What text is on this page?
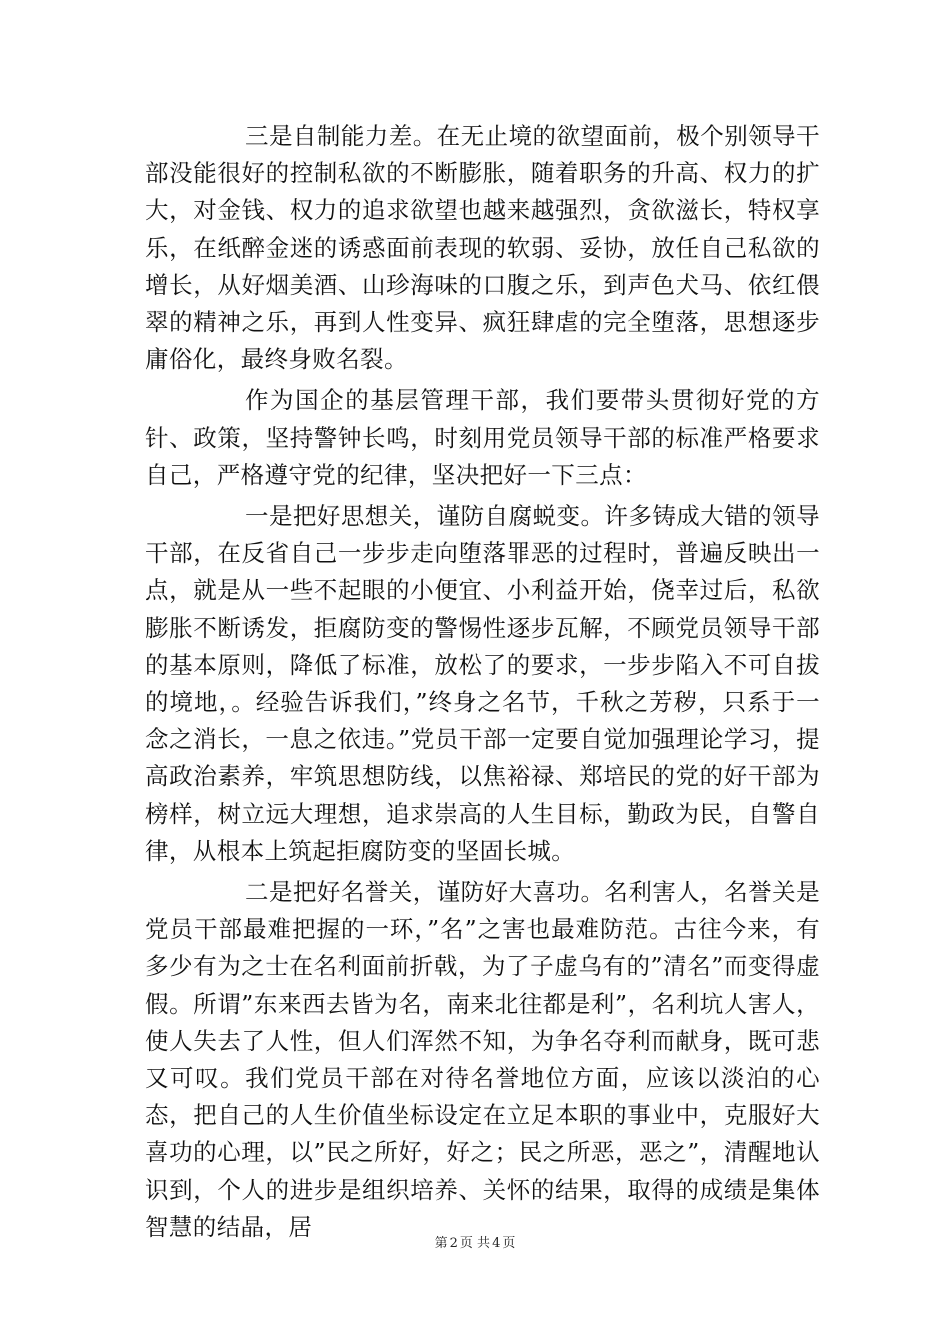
三是自制能力差。在无止境的欲望面前，极个别领导干部没能很好的控制私欲的不断膨胀，随着职务的升高、权力的扩大，对金钱、权力的追求欲望也越来越强烈，贪欲滋长，特权享乐，在纸醉金迷的诱惑面前表现的软弱、妥协，放任自己私欲的增长，从好烟美酒、山珍海味的口腹之乐，到声色犬马、依红偎翠的精神之乐，再到人性变异、疯狂肆虐的完全堕落，思想逐步庸俗化，最终身败名裂。

作为国企的基层管理干部，我们要带头贯彻好党的方针、政策，坚持警钟长鸣，时刻用党员领导干部的标准严格要求自己，严格遵守党的纪律，坚决把好一下三点：

一是把好思想关，谨防自腐蜕变。许多铸成大错的领导干部，在反省自己一步步走向堕落罪恶的过程时，普遍反映出一点，就是从一些不起眼的小便宜、小利益开始，侥幸过后，私欲膨胀不断诱发，拒腐防变的警惕性逐步瓦解，不顾党员领导干部的基本原则，降低了标准，放松了的要求，一步步陷入不可自拔的境地，。经验告诉我们，”终身之名节，千秋之芳秽，只系于一念之消长，一息之依违。”党员干部一定要自觉加强理论学习，提高政治素养，牢筑思想防线，以焦裕禄、郑培民的党的好干部为榜样，树立远大理想，追求崇高的人生目标，勤政为民，自警自律，从根本上筑起拒腐防变的坚固长城。

二是把好名誉关，谨防好大喜功。名利害人，名誉关是党员干部最难把握的一环，”名”之害也最难防范。古往今来，有多少有为之士在名利面前折戟，为了子虚乌有的”清名”而变得虚假。所谓”东来西去皆为名，南来北往都是利”，名利坑人害人，使人失去了人性，但人们浑然不知，为争名夺利而献身，既可悲又可叹。我们党员干部在对待名誉地位方面，应该以淡泊的心态，把自己的人生价值坐标设定在立足本职的事业中，克服好大喜功的心理，以”民之所好，好之；民之所恶，恶之”，清醒地认识到，个人的进步是组织培养、关怀的结果，取得的成绩是集体智慧的结晶，居

第 2 页 共 4 页
